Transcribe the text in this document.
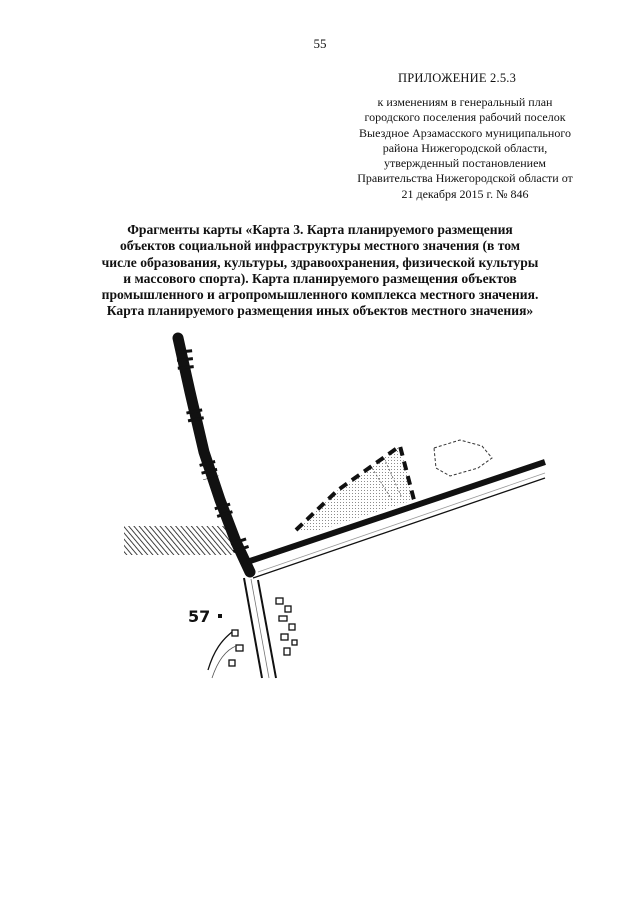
55
ПРИЛОЖЕНИЕ 2.5.3
к изменениям в генеральный план
городского поселения рабочий поселок
Выездное Арзамасского муниципального
района Нижегородской области,
утвержденный постановлением
Правительства Нижегородской области от
21 декабря 2015 г. № 846
Фрагменты карты «Карта 3. Карта планируемого размещения
объектов социальной инфраструктуры местного значения (в том
числе образования, культуры, здравоохранения, физической культуры
и массового спорта). Карта планируемого размещения объектов
промышленного и агропромышленного комплекса местного значения.
Карта планируемого размещения иных объектов местного значения»
57
